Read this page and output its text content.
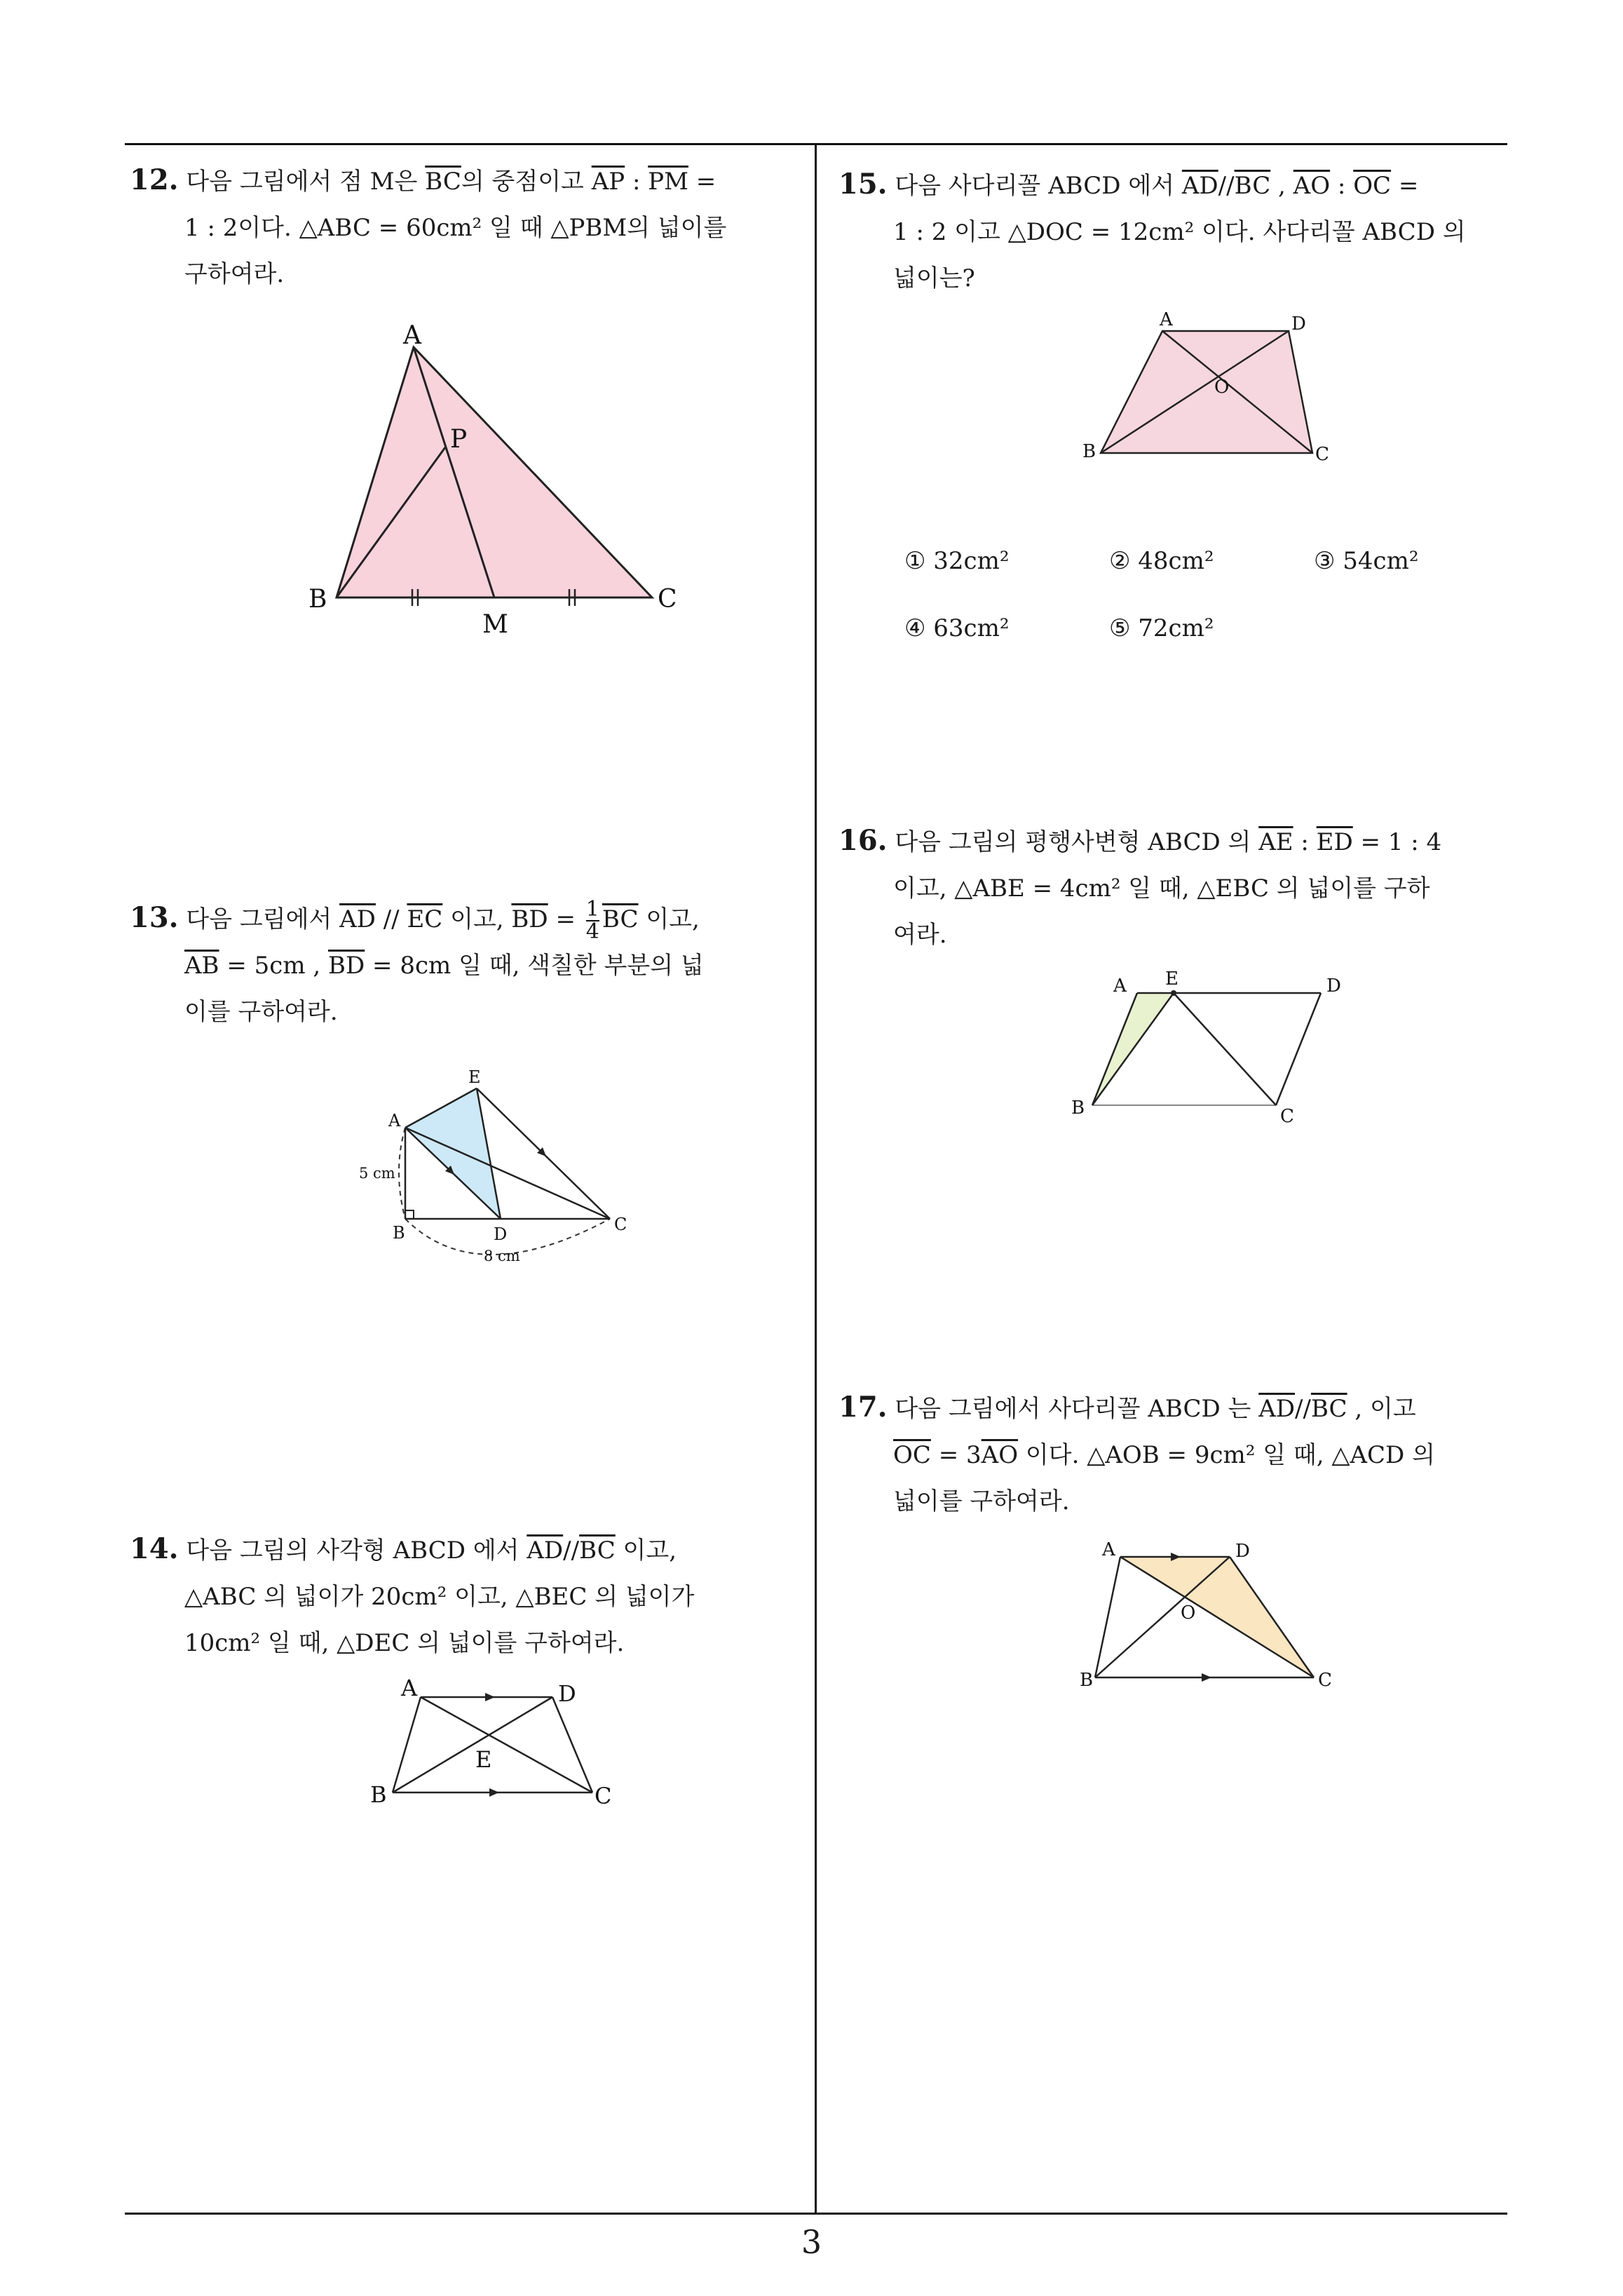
3

12. 다음 그림에서 점 M은 $\overline{BC}$의 중점이고 $\overline{AP}$ : $\overline{PM}$ =

1 : 2이다. △ABC = 60cm² 일 때 △PBM의 넓이를

구하여라.

A
P
B	C
M

13. 다음 그림에서 $\overline{AD} // \overline{EC}$ 이고, $\overline{BD} = \frac{1}{4} \overline{BC}$ 이고,

$\overline{AB} = 5cm$ , $\overline{BD} = 8cm$ 일 때, 색칠한 부분의 넓

이를 구하여라.

E
A
B	D	C
5 cm
8 cm

14. 다음 그림의 사각형 ABCD 에서 $\overline{AD}//\overline{BC}$ 이고,

△ABC 의 넓이가 20cm² 이고, △BEC 의 넓이가

10cm² 일 때, △DEC 의 넓이를 구하여라.

A	D
E
B	C

15. 다음 사다리꼴 ABCD 에서 $\overline{AD}//\overline{BC}$ , $\overline{AO}$ : $\overline{OC}$ =

1 : 2 이고 △DOC = 12cm² 이다. 사다리꼴 ABCD 의

넓이는?

A	D
O
B	C
① 32cm²	② 48cm²	③ 54cm²
④ 63cm²	⑤ 72cm²

16. 다음 그림의 평행사변형 ABCD 의 $\overline{AE}$ : $\overline{ED} = 1$ : 4

이고, △ABE = 4cm² 일 때, △EBC 의 넓이를 구하

여라.

A E	D
B	C

17. 다음 그림에서 사다리꼴 ABCD 는 $\overline{AD}//\overline{BC}$ , 이고

$\overline{OC} = 3\overline{AO}$ 이다. △AOB = 9cm² 일 때, △ACD 의

넓이를 구하여라.

A	D
O
B	C
